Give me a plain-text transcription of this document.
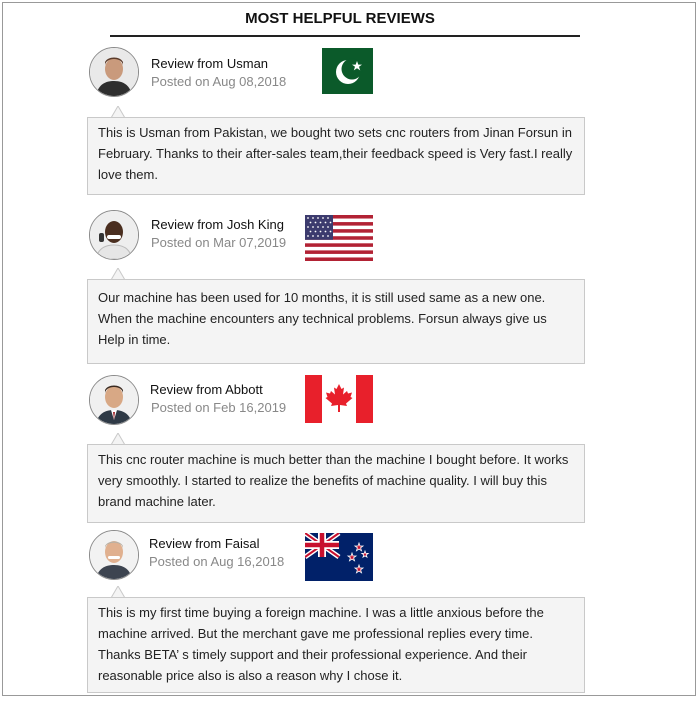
MOST HELPFUL REVIEWS
Review from Usman
Posted on Aug 08,2018
This is Usman from Pakistan, we bought two sets cnc routers from Jinan Forsun in February. Thanks to their after-sales team,their feedback speed is Very fast.I really love them.
Review from Josh King
Posted on Mar 07,2019
Our machine has been used for 10 months, it is still used same as a new one. When the machine encounters any technical problems. Forsun always give us Help in time.
Review from Abbott
Posted on Feb 16,2019
This cnc router machine is much better than the machine I bought before. It works very smoothly. I started to realize the benefits of machine quality. I will buy this brand machine later.
Review from Faisal
Posted on Aug 16,2018
This is my first time buying a foreign machine. I was a little anxious before the machine arrived. But the merchant gave me professional replies every time. Thanks BETA’ s timely support and their professional experience. And their reasonable price also is also a reason why I chose it.
